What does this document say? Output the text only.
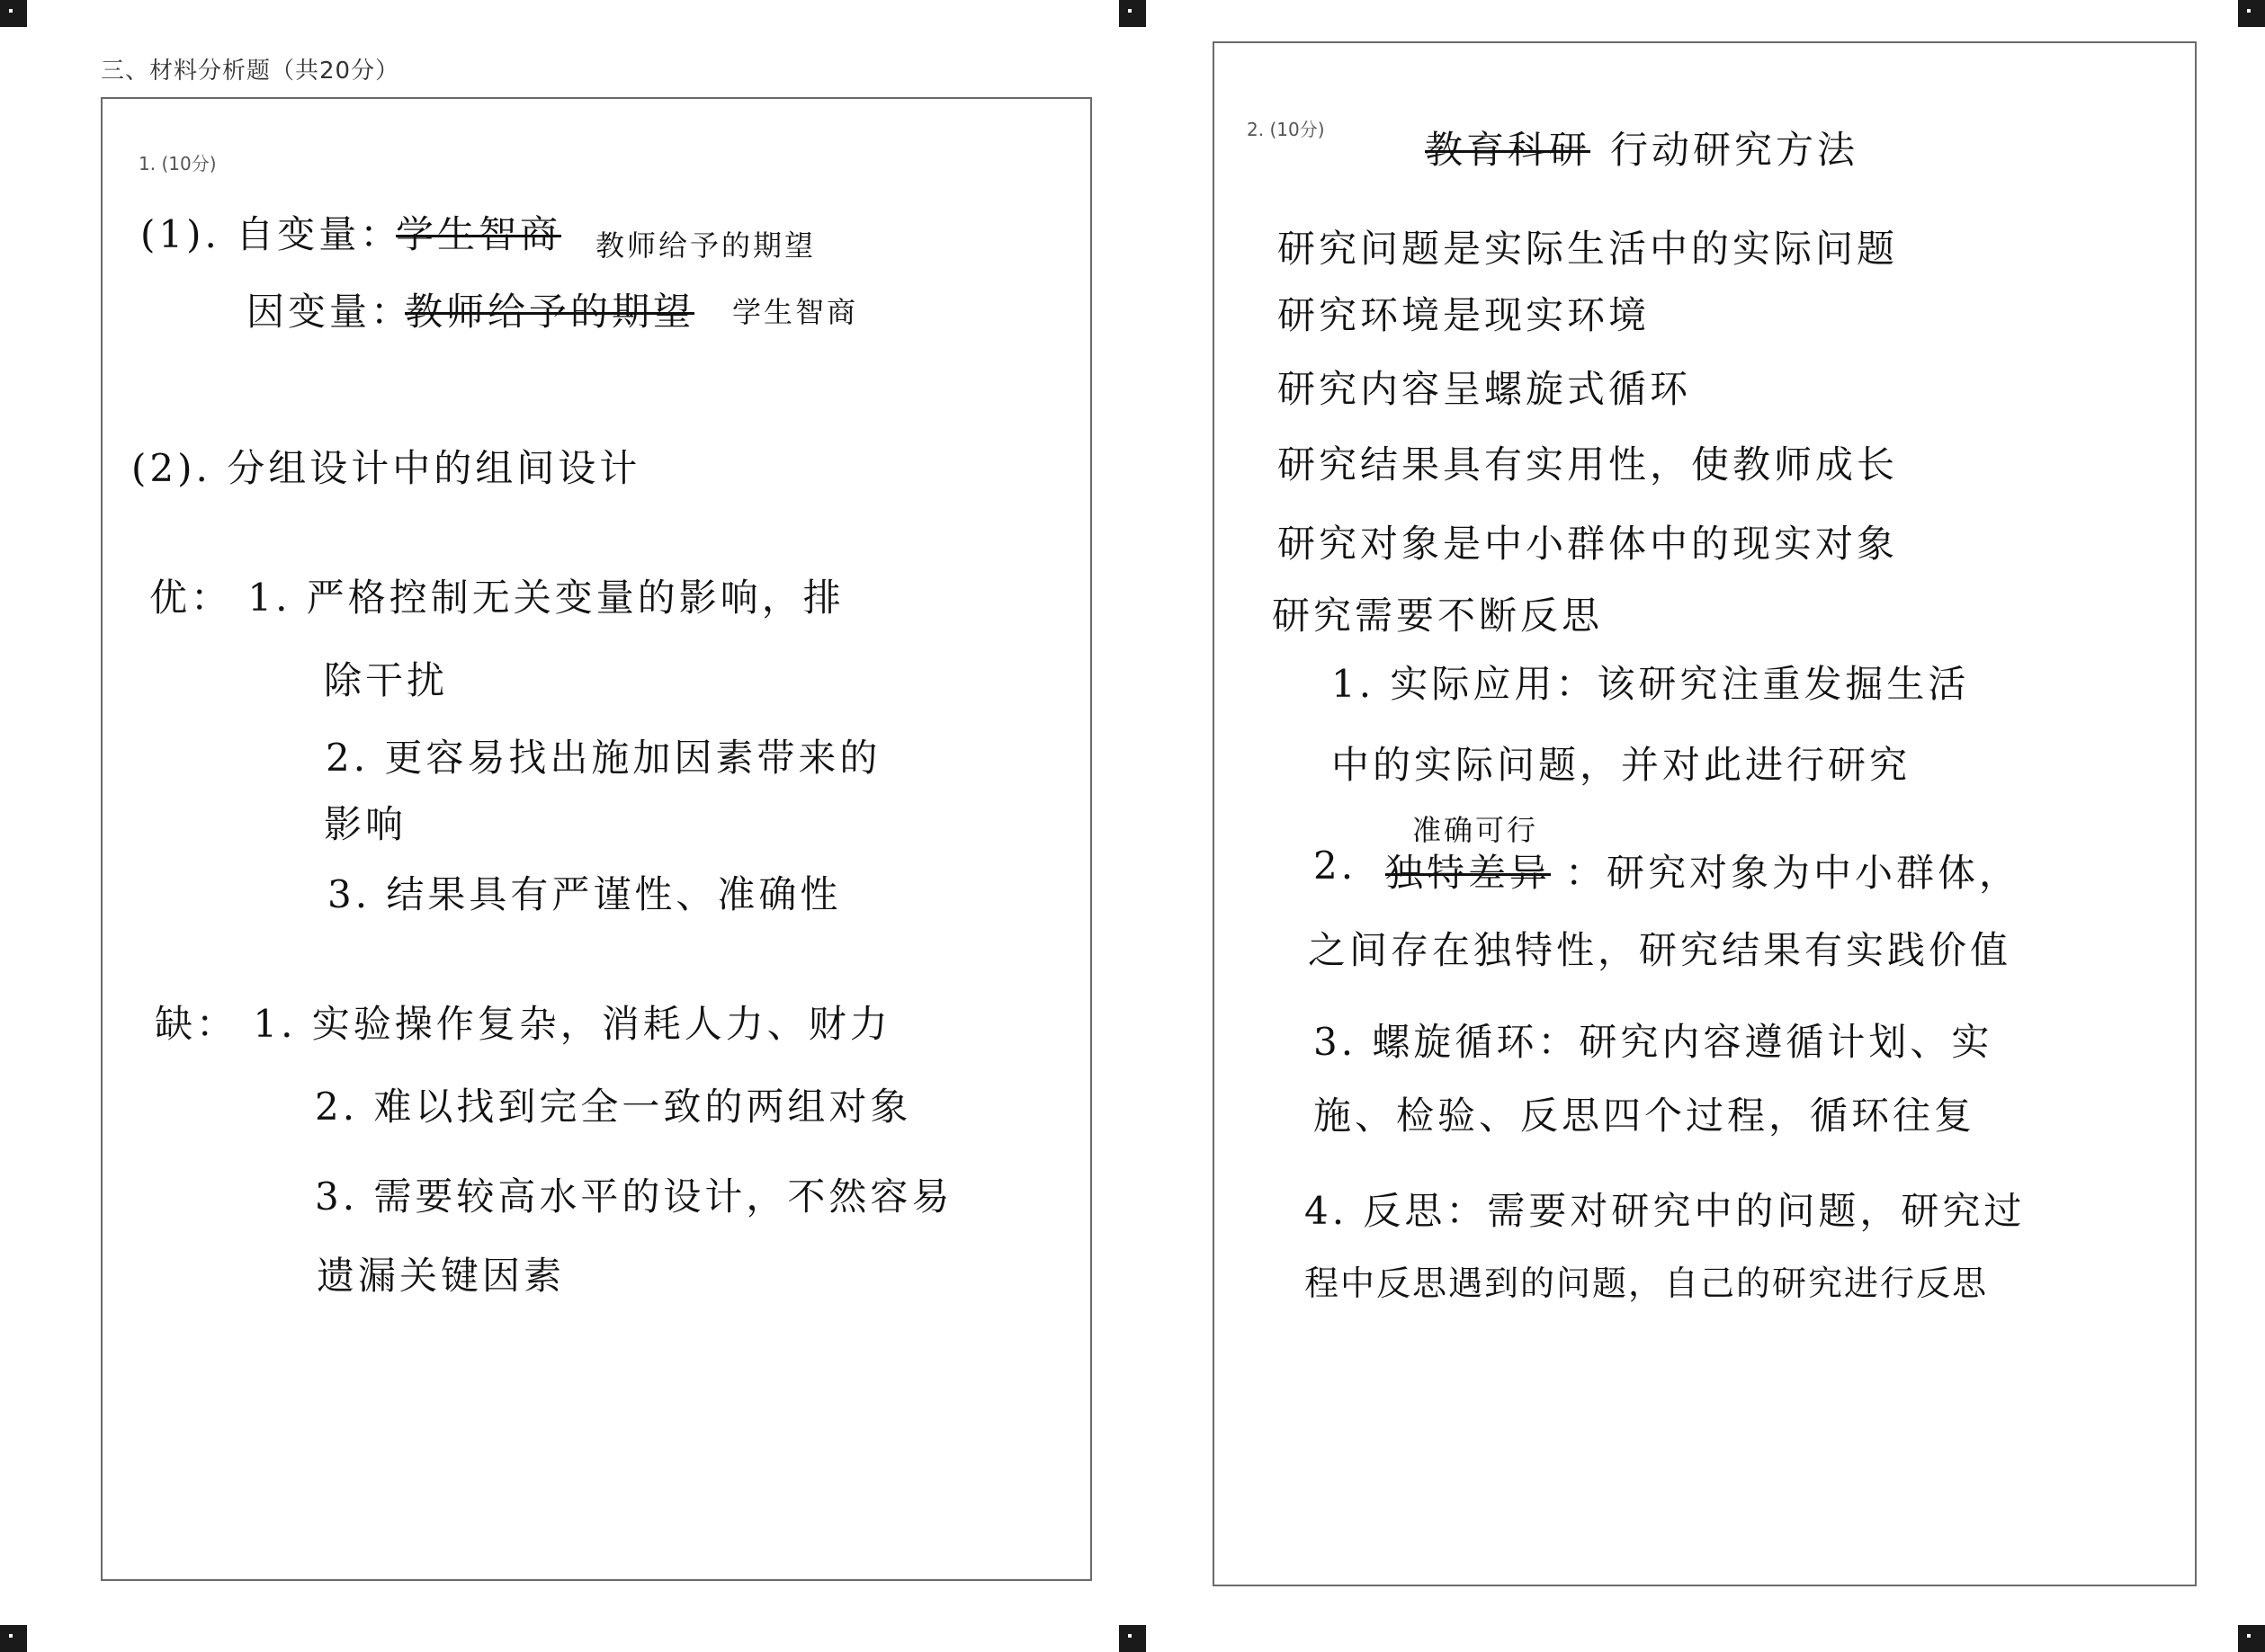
三、材料分析题（共20分）
1. (10分)
(1). 自变量：
学生智商 教师给予的期望
因变量：
教师给予的期望 学生智商
(2). 分组设计中的组间设计
优： 1. 严格控制无关变量的影响，排
除干扰
2. 更容易找出施加因素带来的
影响
3. 结果具有严谨性、准确性
缺： 1. 实验操作复杂，消耗人力、财力
2. 难以找到完全一致的两组对象
3. 需要较高水平的设计，不然容易
遗漏关键因素
2. (10分)	教育科研 行动研究方法
研究问题是实际生活中的实际问题
研究环境是现实环境
研究内容呈螺旋式循环
研究结果具有实用性，使教师成长
研究对象是中小群体中的现实对象
研究需要不断反思
1. 实际应用：该研究注重发掘生活
中的实际问题，并对此进行研究
准确可行
2. 独特差异 ：研究对象为中小群体，
之间存在独特性，研究结果有实践价值
3. 螺旋循环：研究内容遵循计划、实
施、检验、反思四个过程，循环往复
4. 反思：需要对研究中的问题，研究过
程中反思遇到的问题，自己的研究进行反思
